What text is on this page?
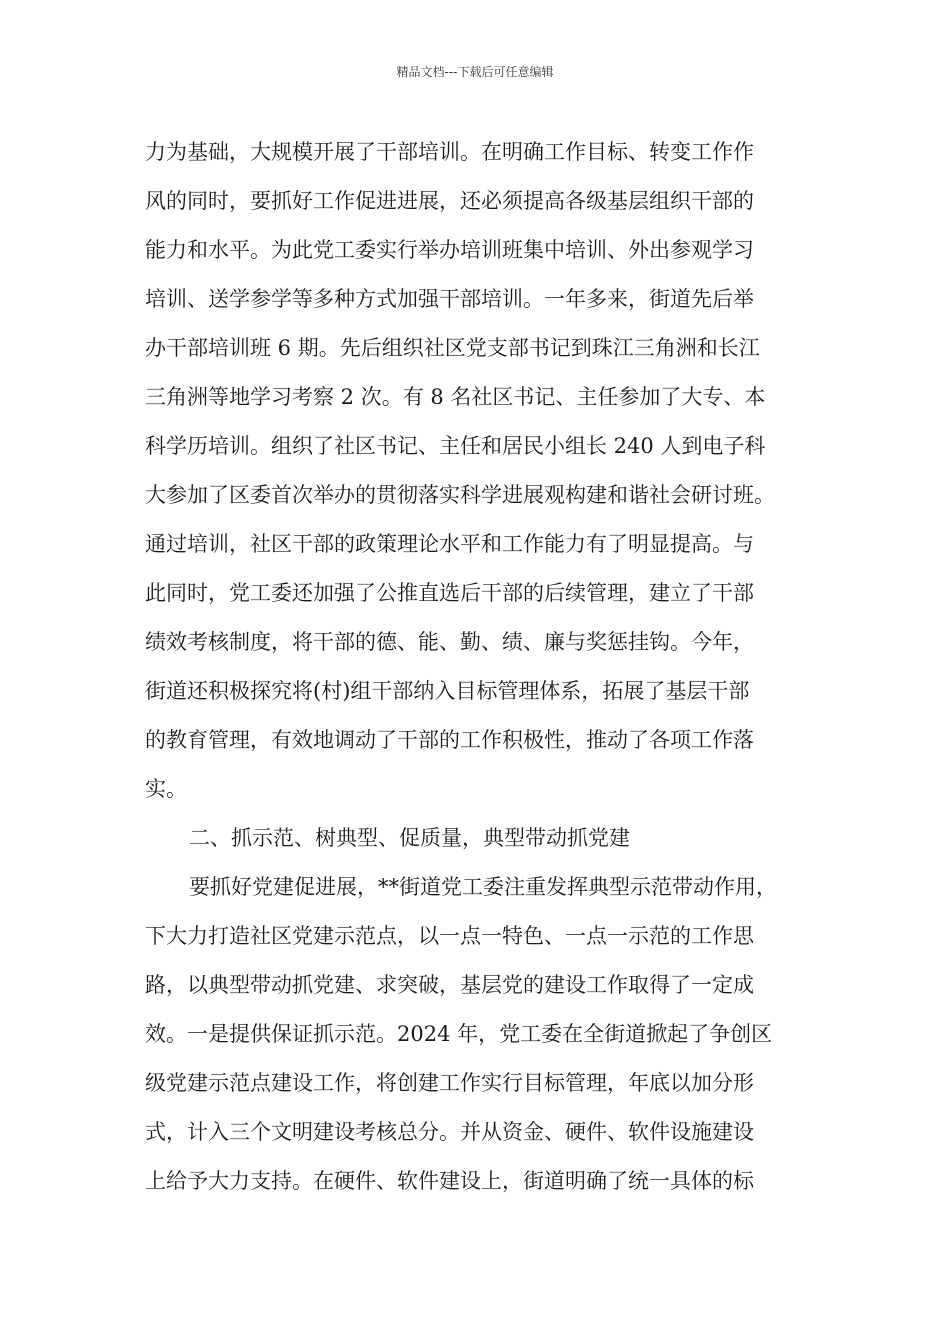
精品文档---下载后可任意编辑
力为基础，大规模开展了干部培训。在明确工作目标、转变工作作
风的同时，要抓好工作促进进展，还必须提高各级基层组织干部的
能力和水平。为此党工委实行举办培训班集中培训、外出参观学习
培训、送学参学等多种方式加强干部培训。一年多来，街道先后举
办干部培训班 6 期。先后组织社区党支部书记到珠江三角洲和长江
三角洲等地学习考察 2 次。有 8 名社区书记、主任参加了大专、本
科学历培训。组织了社区书记、主任和居民小组长 240 人到电子科
大参加了区委首次举办的贯彻落实科学进展观构建和谐社会研讨班。
通过培训，社区干部的政策理论水平和工作能力有了明显提高。与
此同时，党工委还加强了公推直选后干部的后续管理，建立了干部
绩效考核制度，将干部的德、能、勤、绩、廉与奖惩挂钩。今年，
街道还积极探究将(村)组干部纳入目标管理体系，拓展了基层干部
的教育管理，有效地调动了干部的工作积极性，推动了各项工作落
实。
二、抓示范、树典型、促质量，典型带动抓党建
要抓好党建促进展，**街道党工委注重发挥典型示范带动作用，
下大力打造社区党建示范点，以一点一特色、一点一示范的工作思
路，以典型带动抓党建、求突破，基层党的建设工作取得了一定成
效。一是提供保证抓示范。2024 年，党工委在全街道掀起了争创区
级党建示范点建设工作，将创建工作实行目标管理，年底以加分形
式，计入三个文明建设考核总分。并从资金、硬件、软件设施建设
上给予大力支持。在硬件、软件建设上，街道明确了统一具体的标
